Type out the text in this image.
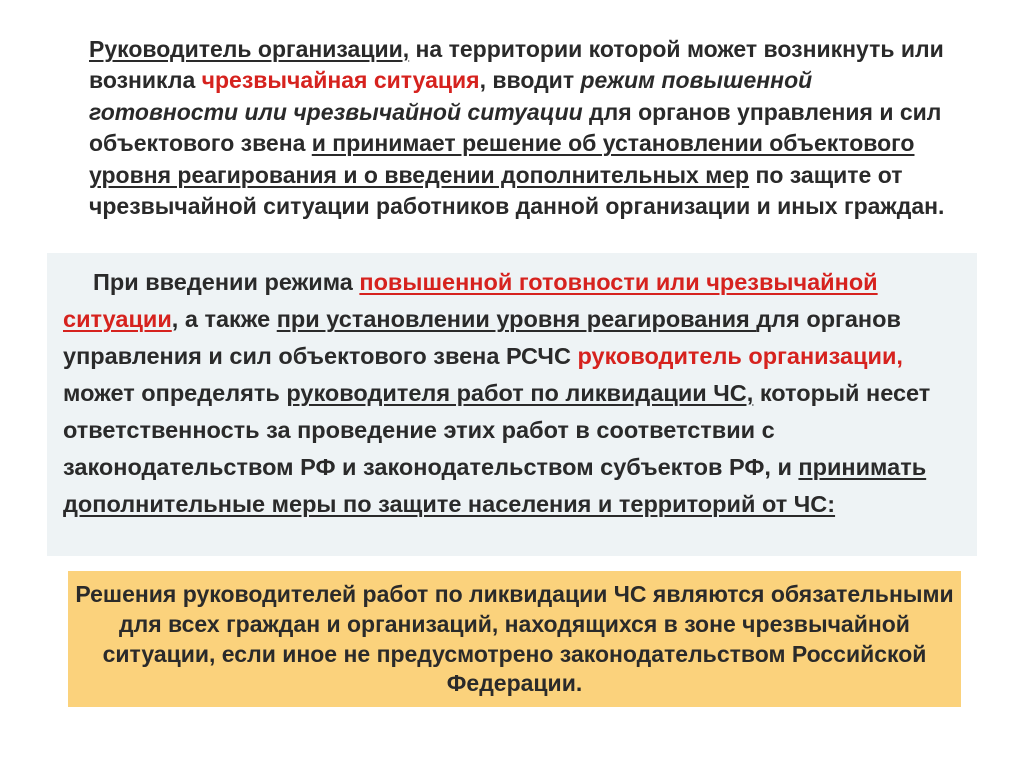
Руководитель организации, на территории которой может возникнуть или возникла чрезвычайная ситуация, вводит режим повышенной готовности или чрезвычайной ситуации для органов управления и сил объектового звена и принимает решение об установлении объектового уровня реагирования и о введении дополнительных мер по защите от чрезвычайной ситуации работников данной организации и иных граждан.

При введении режима повышенной готовности или чрезвычайной ситуации, а также при установлении уровня реагирования для органов управления и сил объектового звена РСЧС руководитель организации, может определять руководителя работ по ликвидации ЧС, который несет ответственность за проведение этих работ в соответствии с законодательством РФ и законодательством субъектов РФ, и принимать дополнительные меры по защите населения и территорий от ЧС:

Решения руководителей работ по ликвидации ЧС являются обязательными для всех граждан и организаций, находящихся в зоне чрезвычайной ситуации, если иное не предусмотрено законодательством Российской Федерации.
